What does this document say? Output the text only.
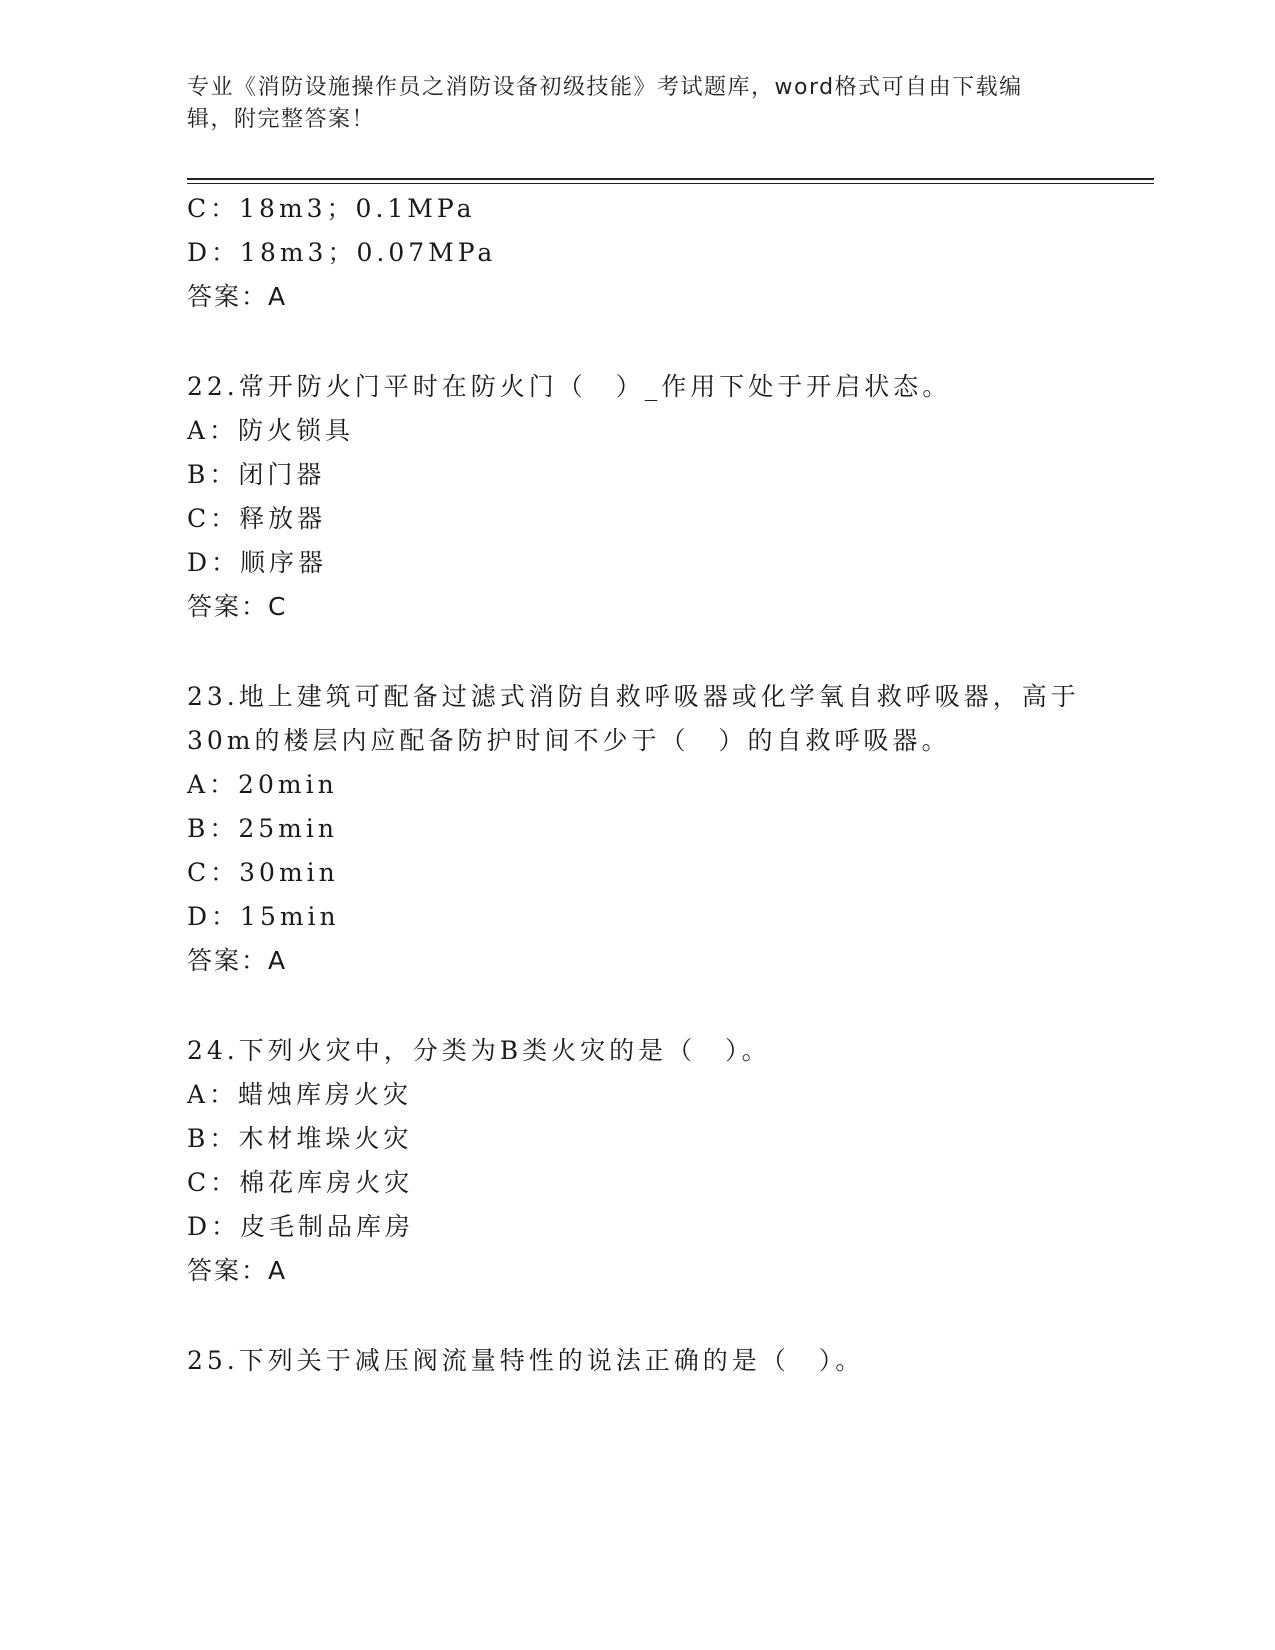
专业《消防设施操作员之消防设备初级技能》考试题库，word格式可自由下载编
辑，附完整答案！
C：18m3；0.1MPa
D：18m3；0.07MPa
答案：A
22.常开防火门平时在防火门（　）_作用下处于开启状态。
A：防火锁具
B：闭门器
C：释放器
D：顺序器
答案：C
23.地上建筑可配备过滤式消防自救呼吸器或化学氧自救呼吸器，高于
30m的楼层内应配备防护时间不少于（　）的自救呼吸器。
A：20min
B：25min
C：30min
D：15min
答案：A
24.下列火灾中，分类为B类火灾的是（　）。
A：蜡烛库房火灾
B：木材堆垛火灾
C：棉花库房火灾
D：皮毛制品库房
答案：A
25.下列关于减压阀流量特性的说法正确的是（　）。
